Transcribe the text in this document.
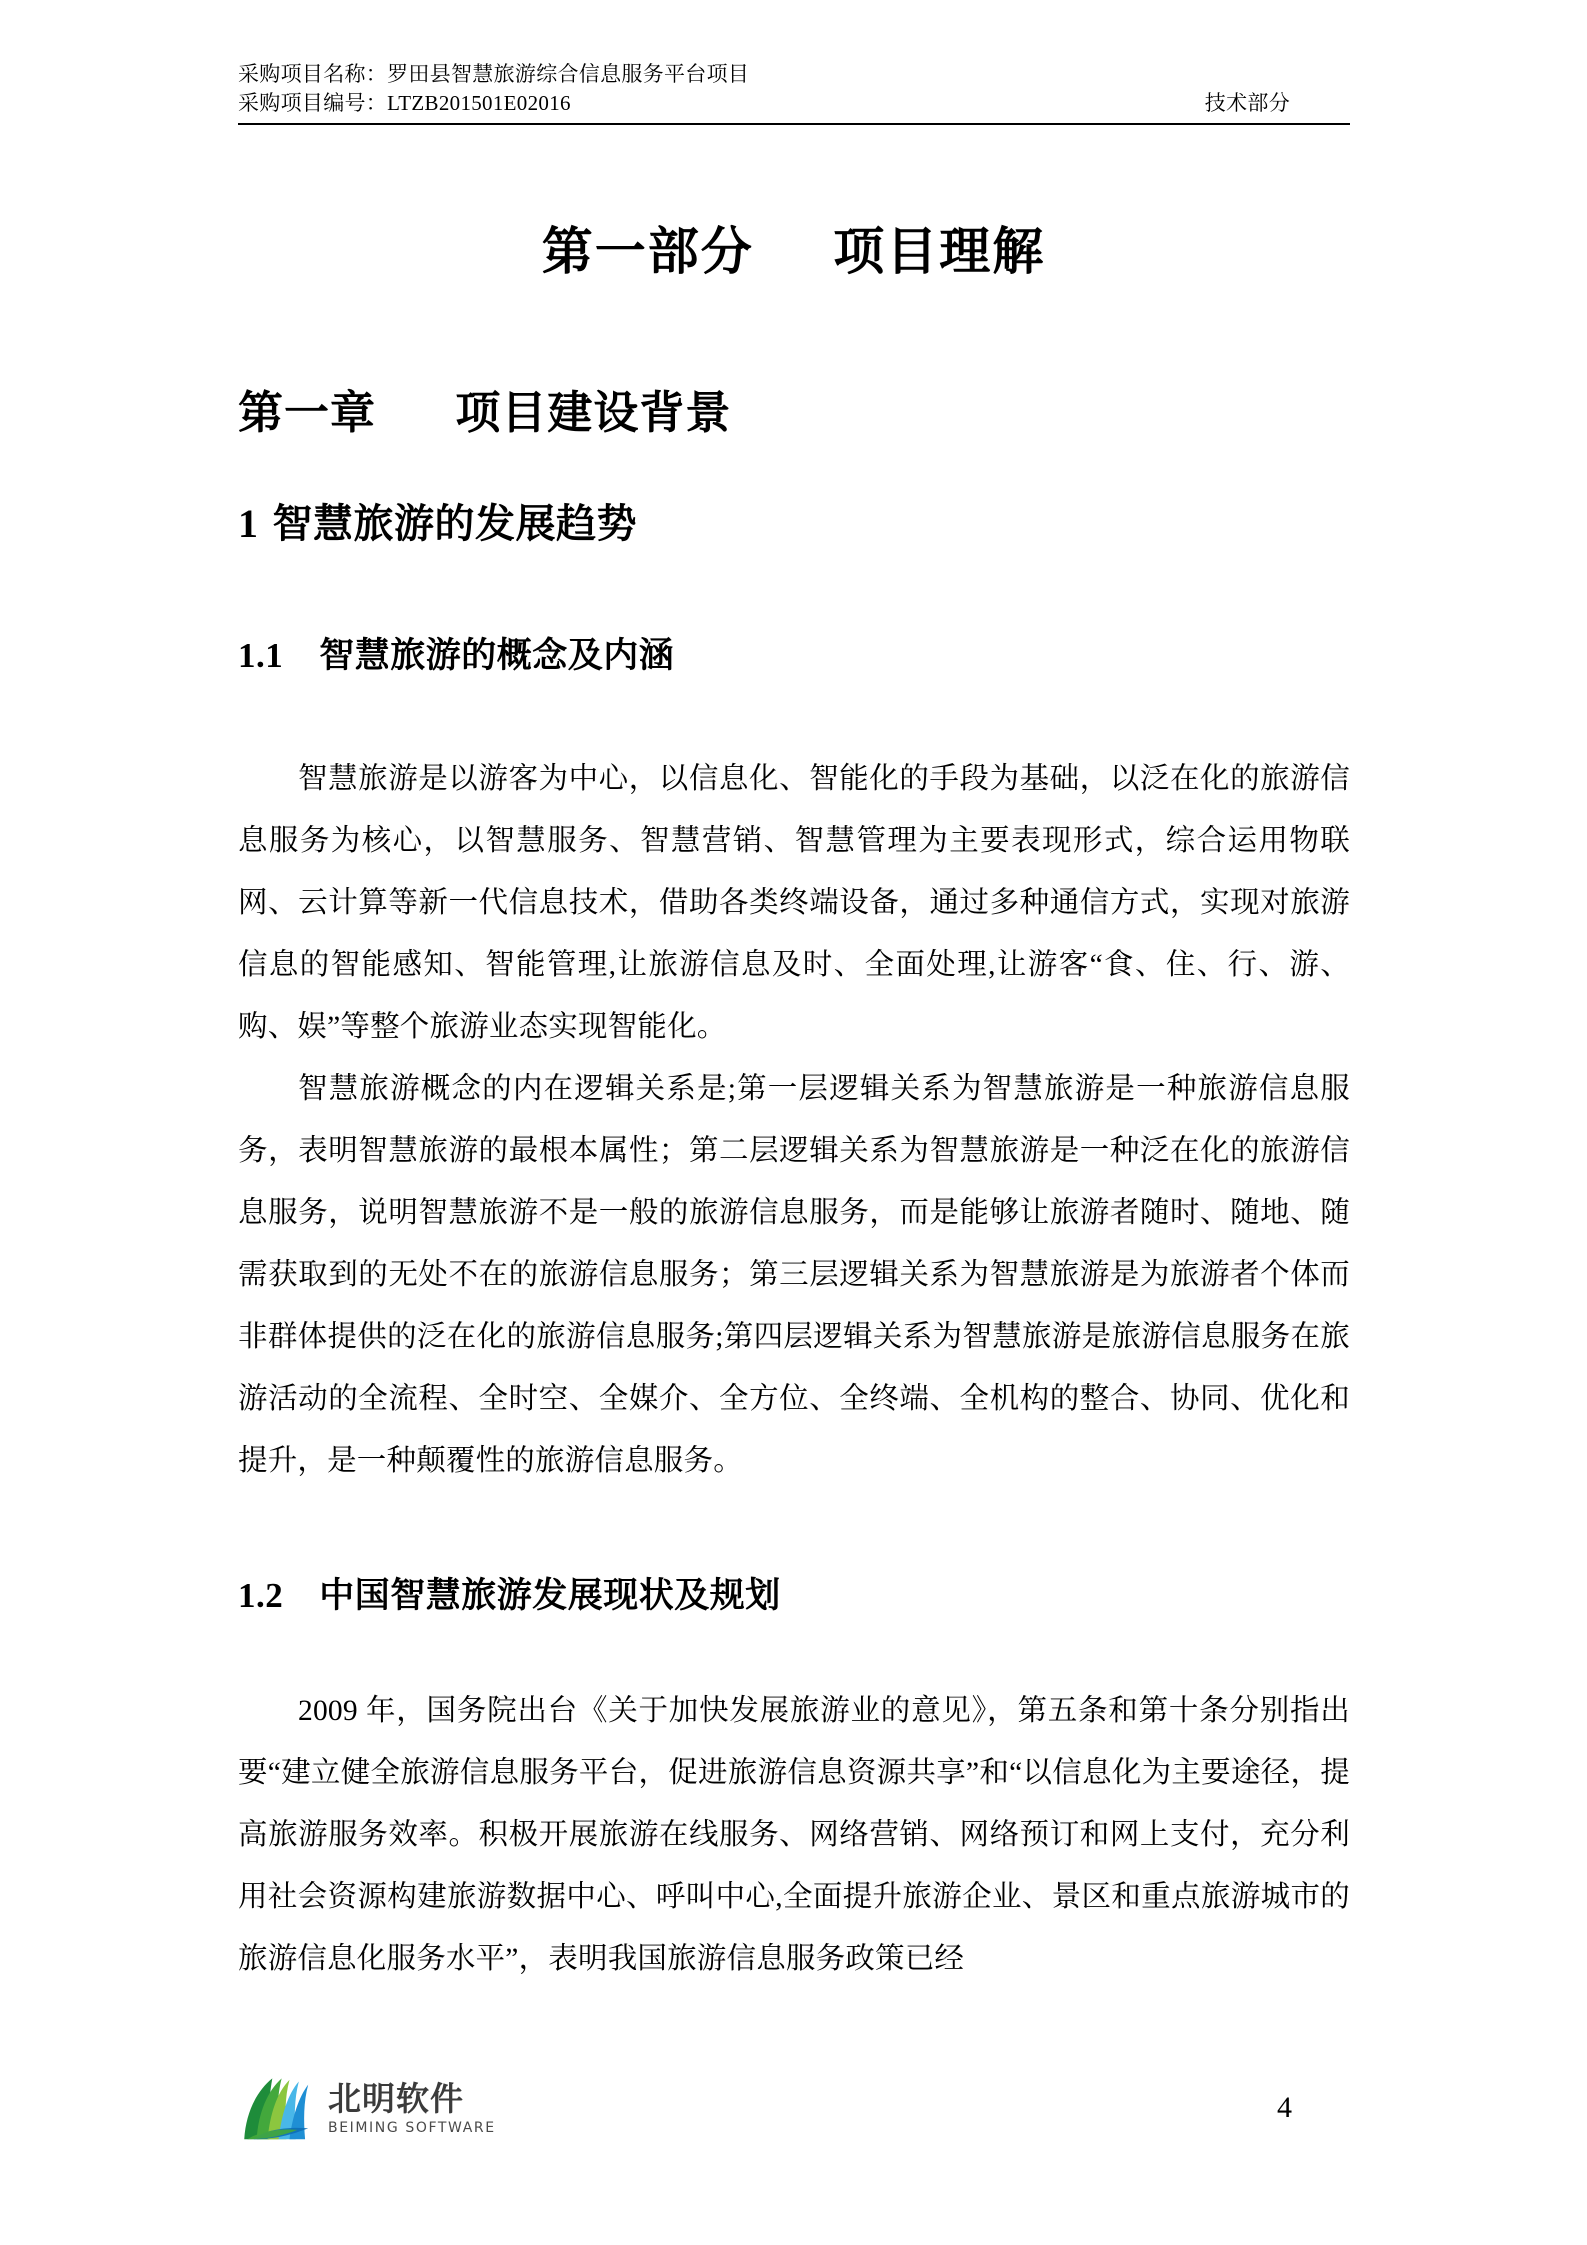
采购项目名称：罗田县智慧旅游综合信息服务平台项目
采购项目编号：LTZB201501E02016	技术部分
第一部分 项目理解
第一章 项目建设背景
1 智慧旅游的发展趋势
1.1 智慧旅游的概念及内涵

智慧旅游是以游客为中心，以信息化、智能化的手段为基础，以泛在化的旅游信息服务为核心，以智慧服务、智慧营销、智慧管理为主要表现形式，综合运用物联网、云计算等新一代信息技术，借助各类终端设备，通过多种通信方式，实现对旅游信息的智能感知、智能管理,让旅游信息及时、全面处理,让游客“食、住、行、游、购、娱”等整个旅游业态实现智能化。

智慧旅游概念的内在逻辑关系是;第一层逻辑关系为智慧旅游是一种旅游信息服务，表明智慧旅游的最根本属性；第二层逻辑关系为智慧旅游是一种泛在化的旅游信息服务，说明智慧旅游不是一般的旅游信息服务，而是能够让旅游者随时、随地、随需获取到的无处不在的旅游信息服务；第三层逻辑关系为智慧旅游是为旅游者个体而非群体提供的泛在化的旅游信息服务;第四层逻辑关系为智慧旅游是旅游信息服务在旅游活动的全流程、全时空、全媒介、全方位、全终端、全机构的整合、协同、优化和提升，是一种颠覆性的旅游信息服务。

1.2 中国智慧旅游发展现状及规划

2009 年，国务院出台《关于加快发展旅游业的意见》，第五条和第十条分别指出要“建立健全旅游信息服务平台，促进旅游信息资源共享”和“以信息化为主要途径，提高旅游服务效率。积极开展旅游在线服务、网络营销、网络预订和网上支付，充分利用社会资源构建旅游数据中心、呼叫中心,全面提升旅游企业、景区和重点旅游城市的旅游信息化服务水平”，表明我国旅游信息服务政策已经

北明软件
BEIMING SOFTWARE
4
